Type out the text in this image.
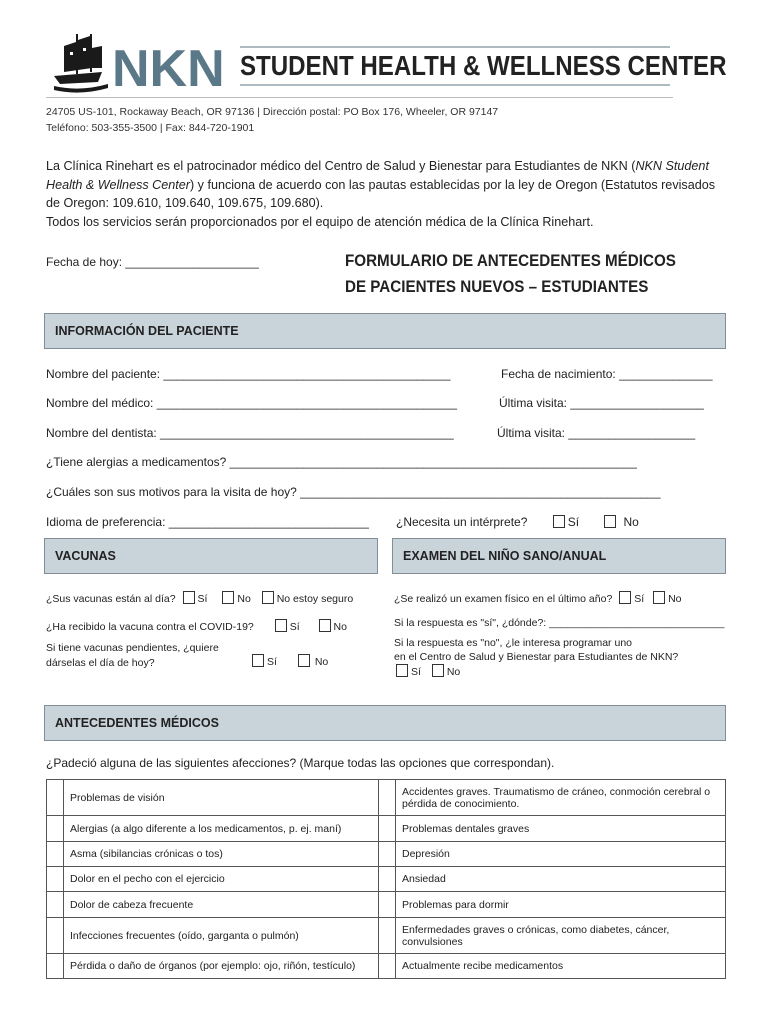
NKN STUDENT HEALTH & WELLNESS CENTER
24705 US-101, Rockaway Beach, OR 97136 | Dirección postal: PO Box 176, Wheeler, OR 97147
Teléfono: 503-355-3500 | Fax: 844-720-1901
La Clínica Rinehart es el patrocinador médico del Centro de Salud y Bienestar para Estudiantes de NKN (NKN Student Health & Wellness Center) y funciona de acuerdo con las pautas establecidas por la ley de Oregon (Estatutos revisados de Oregon: 109.610, 109.640, 109.675, 109.680).
Todos los servicios serán proporcionados por el equipo de atención médica de la Clínica Rinehart.
Fecha de hoy: ____________________	FORMULARIO DE ANTECEDENTES MÉDICOS
DE PACIENTES NUEVOS – ESTUDIANTES
INFORMACIÓN DEL PACIENTE
Nombre del paciente: ___________________________________________	Fecha de nacimiento: ______________
Nombre del médico: _____________________________________________	Última visita: ____________________
Nombre del dentista: ____________________________________________	Última visita: ___________________
¿Tiene alergias a medicamentos? _____________________________________________________________
¿Cuáles son sus motivos para la visita de hoy? ______________________________________________________
Idioma de preferencia: ______________________________ ¿Necesita un intérprete?	Sí	No
VACUNAS	EXAMEN DEL NIÑO SANO/ANUAL
¿Sus vacunas están al día? Sí	No No estoy seguro
¿Ha recibido la vacuna contra el COVID-19?	Sí	No
Si tiene vacunas pendientes, ¿quiere
dárselas el día de hoy?	Sí	No
¿Se realizó un examen físico en el último año? Sí No
Si la respuesta es "sí", ¿dónde?: ______________________________
Si la respuesta es "no", ¿le interesa programar uno
en el Centro de Salud y Bienestar para Estudiantes de NKN?
Sí No
ANTECEDENTES MÉDICOS
¿Padeció alguna de las siguientes afecciones? (Marque todas las opciones que correspondan).
	Problemas de visión		Accidentes graves. Traumatismo de cráneo, conmoción cerebral o pérdida de conocimiento.
	Alergias (a algo diferente a los medicamentos, p. ej. maní)		Problemas dentales graves
	Asma (sibilancias crónicas o tos)		Depresión
	Dolor en el pecho con el ejercicio		Ansiedad
	Dolor de cabeza frecuente		Problemas para dormir
	Infecciones frecuentes (oído, garganta o pulmón)		Enfermedades graves o crónicas, como diabetes, cáncer, convulsiones
	Pérdida o daño de órganos (por ejemplo: ojo, riñón, testículo)		Actualmente recibe medicamentos
